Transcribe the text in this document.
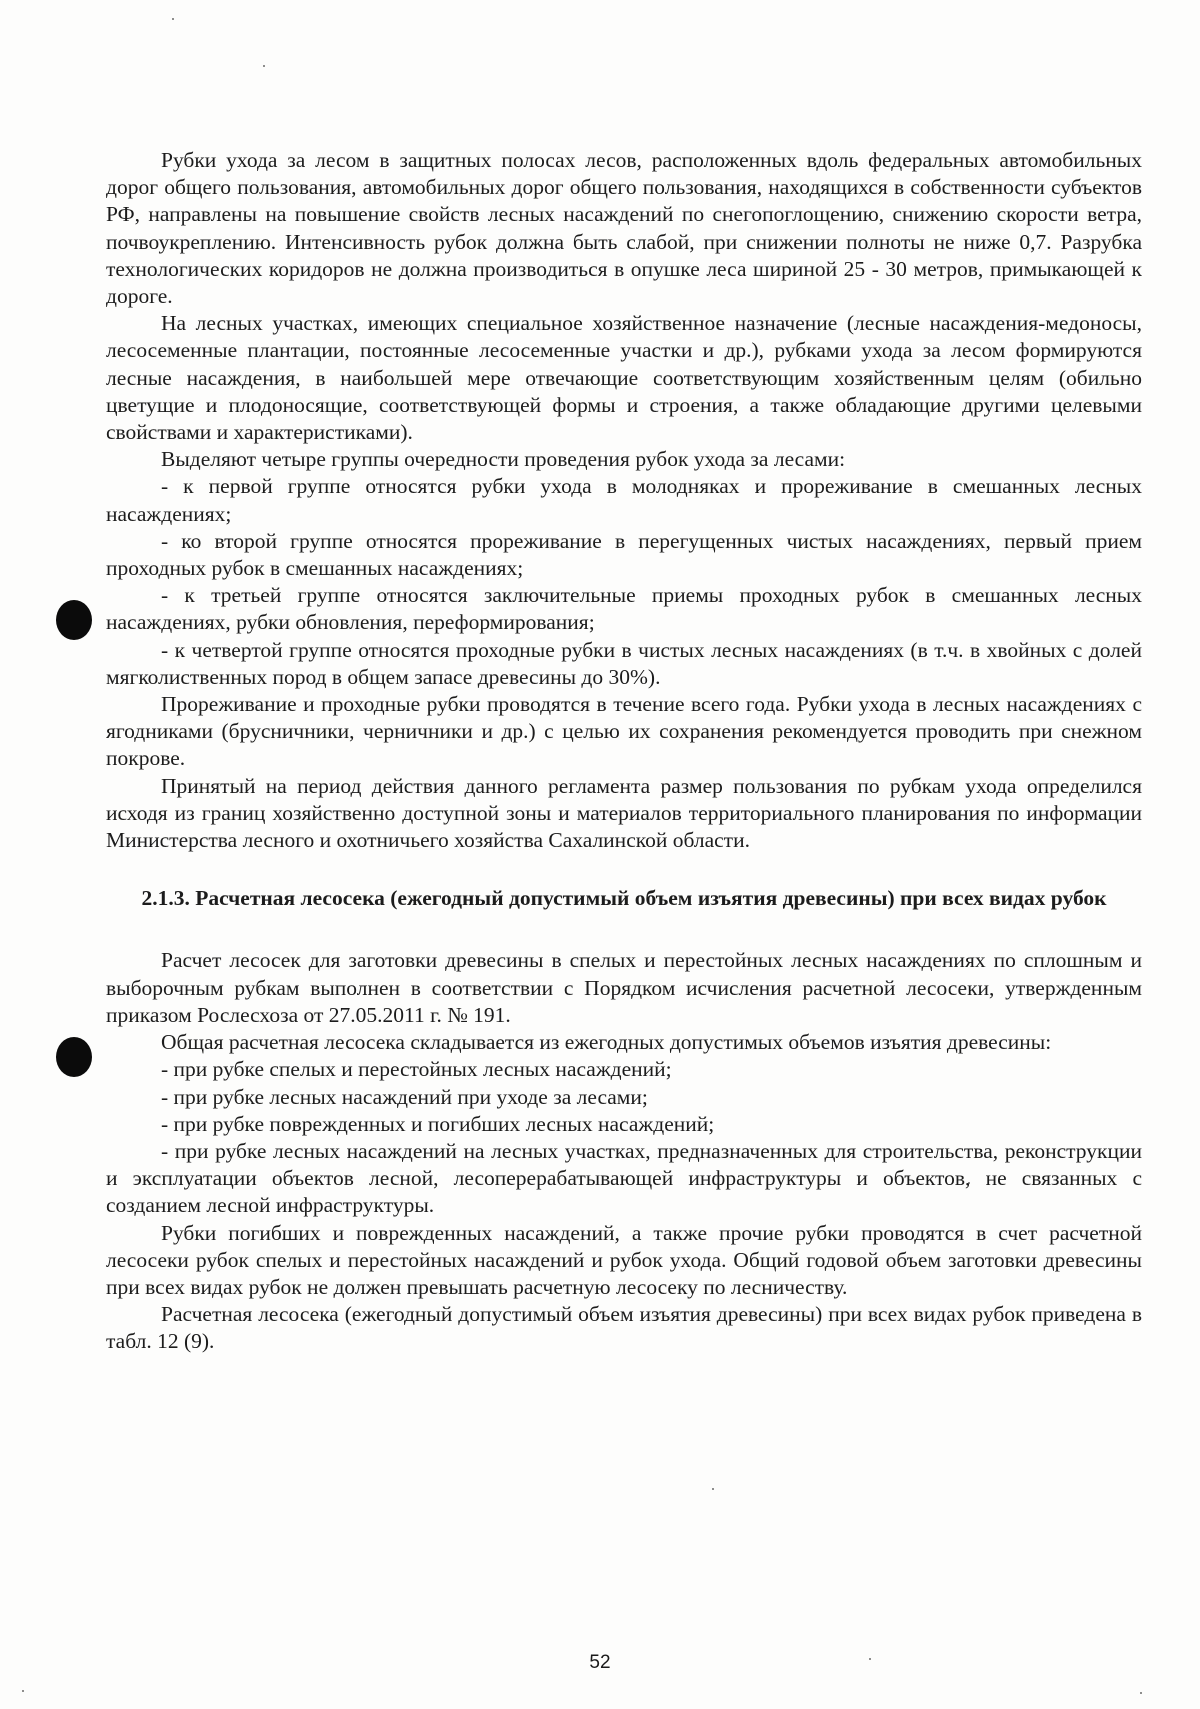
Рубки ухода за лесом в защитных полосах лесов, расположенных вдоль федеральных автомобильных дорог общего пользования, автомобильных дорог общего пользования, находящихся в собственности субъектов РФ, направлены на повышение свойств лесных насаждений по снегопоглощению, снижению скорости ветра, почвоукреплению. Интенсивность рубок должна быть слабой, при снижении полноты не ниже 0,7. Разрубка технологических коридоров не должна производиться в опушке леса шириной 25 - 30 метров, примыкающей к дороге.

На лесных участках, имеющих специальное хозяйственное назначение (лесные насаждения-медоносы, лесосеменные плантации, постоянные лесосеменные участки и др.), рубками ухода за лесом формируются лесные насаждения, в наибольшей мере отвечающие соответствующим хозяйственным целям (обильно цветущие и плодоносящие, соответствующей формы и строения, а также обладающие другими целевыми свойствами и характеристиками).

Выделяют четыре группы очередности проведения рубок ухода за лесами:

- к первой группе относятся рубки ухода в молодняках и прореживание в смешанных лесных насаждениях;

- ко второй группе относятся прореживание в перегущенных чистых насаждениях, первый прием проходных рубок в смешанных насаждениях;

- к третьей группе относятся заключительные приемы проходных рубок в смешанных лесных насаждениях, рубки обновления, переформирования;

- к четвертой группе относятся проходные рубки в чистых лесных насаждениях (в т.ч. в хвойных с долей мягколиственных пород в общем запасе древесины до 30%).

Прореживание и проходные рубки проводятся в течение всего года. Рубки ухода в лесных насаждениях с ягодниками (брусничники, черничники и др.) с целью их сохранения рекомендуется проводить при снежном покрове.

Принятый на период действия данного регламента размер пользования по рубкам ухода определился исходя из границ хозяйственно доступной зоны и материалов территориального планирования по информации Министерства лесного и охотничьего хозяйства Сахалинской области.

2.1.3. Расчетная лесосека (ежегодный допустимый объем изъятия древесины) при всех видах рубок

Расчет лесосек для заготовки древесины в спелых и перестойных лесных насаждениях по сплошным и выборочным рубкам выполнен в соответствии с Порядком исчисления расчетной лесосеки, утвержденным приказом Рослесхоза от 27.05.2011 г. № 191.

Общая расчетная лесосека складывается из ежегодных допустимых объемов изъятия древесины:

- при рубке спелых и перестойных лесных насаждений;

- при рубке лесных насаждений при уходе за лесами;

- при рубке поврежденных и погибших лесных насаждений;

- при рубке лесных насаждений на лесных участках, предназначенных для строительства, реконструкции и эксплуатации объектов лесной, лесоперерабатывающей инфраструктуры и объектов, не связанных с созданием лесной инфраструктуры.

Рубки погибших и поврежденных насаждений, а также прочие рубки проводятся в счет расчетной лесосеки рубок спелых и перестойных насаждений и рубок ухода. Общий годовой объем заготовки древесины при всех видах рубок не должен превышать расчетную лесосеку по лесничеству.

Расчетная лесосека (ежегодный допустимый объем изъятия древесины) при всех видах рубок приведена в табл. 12 (9).

52
